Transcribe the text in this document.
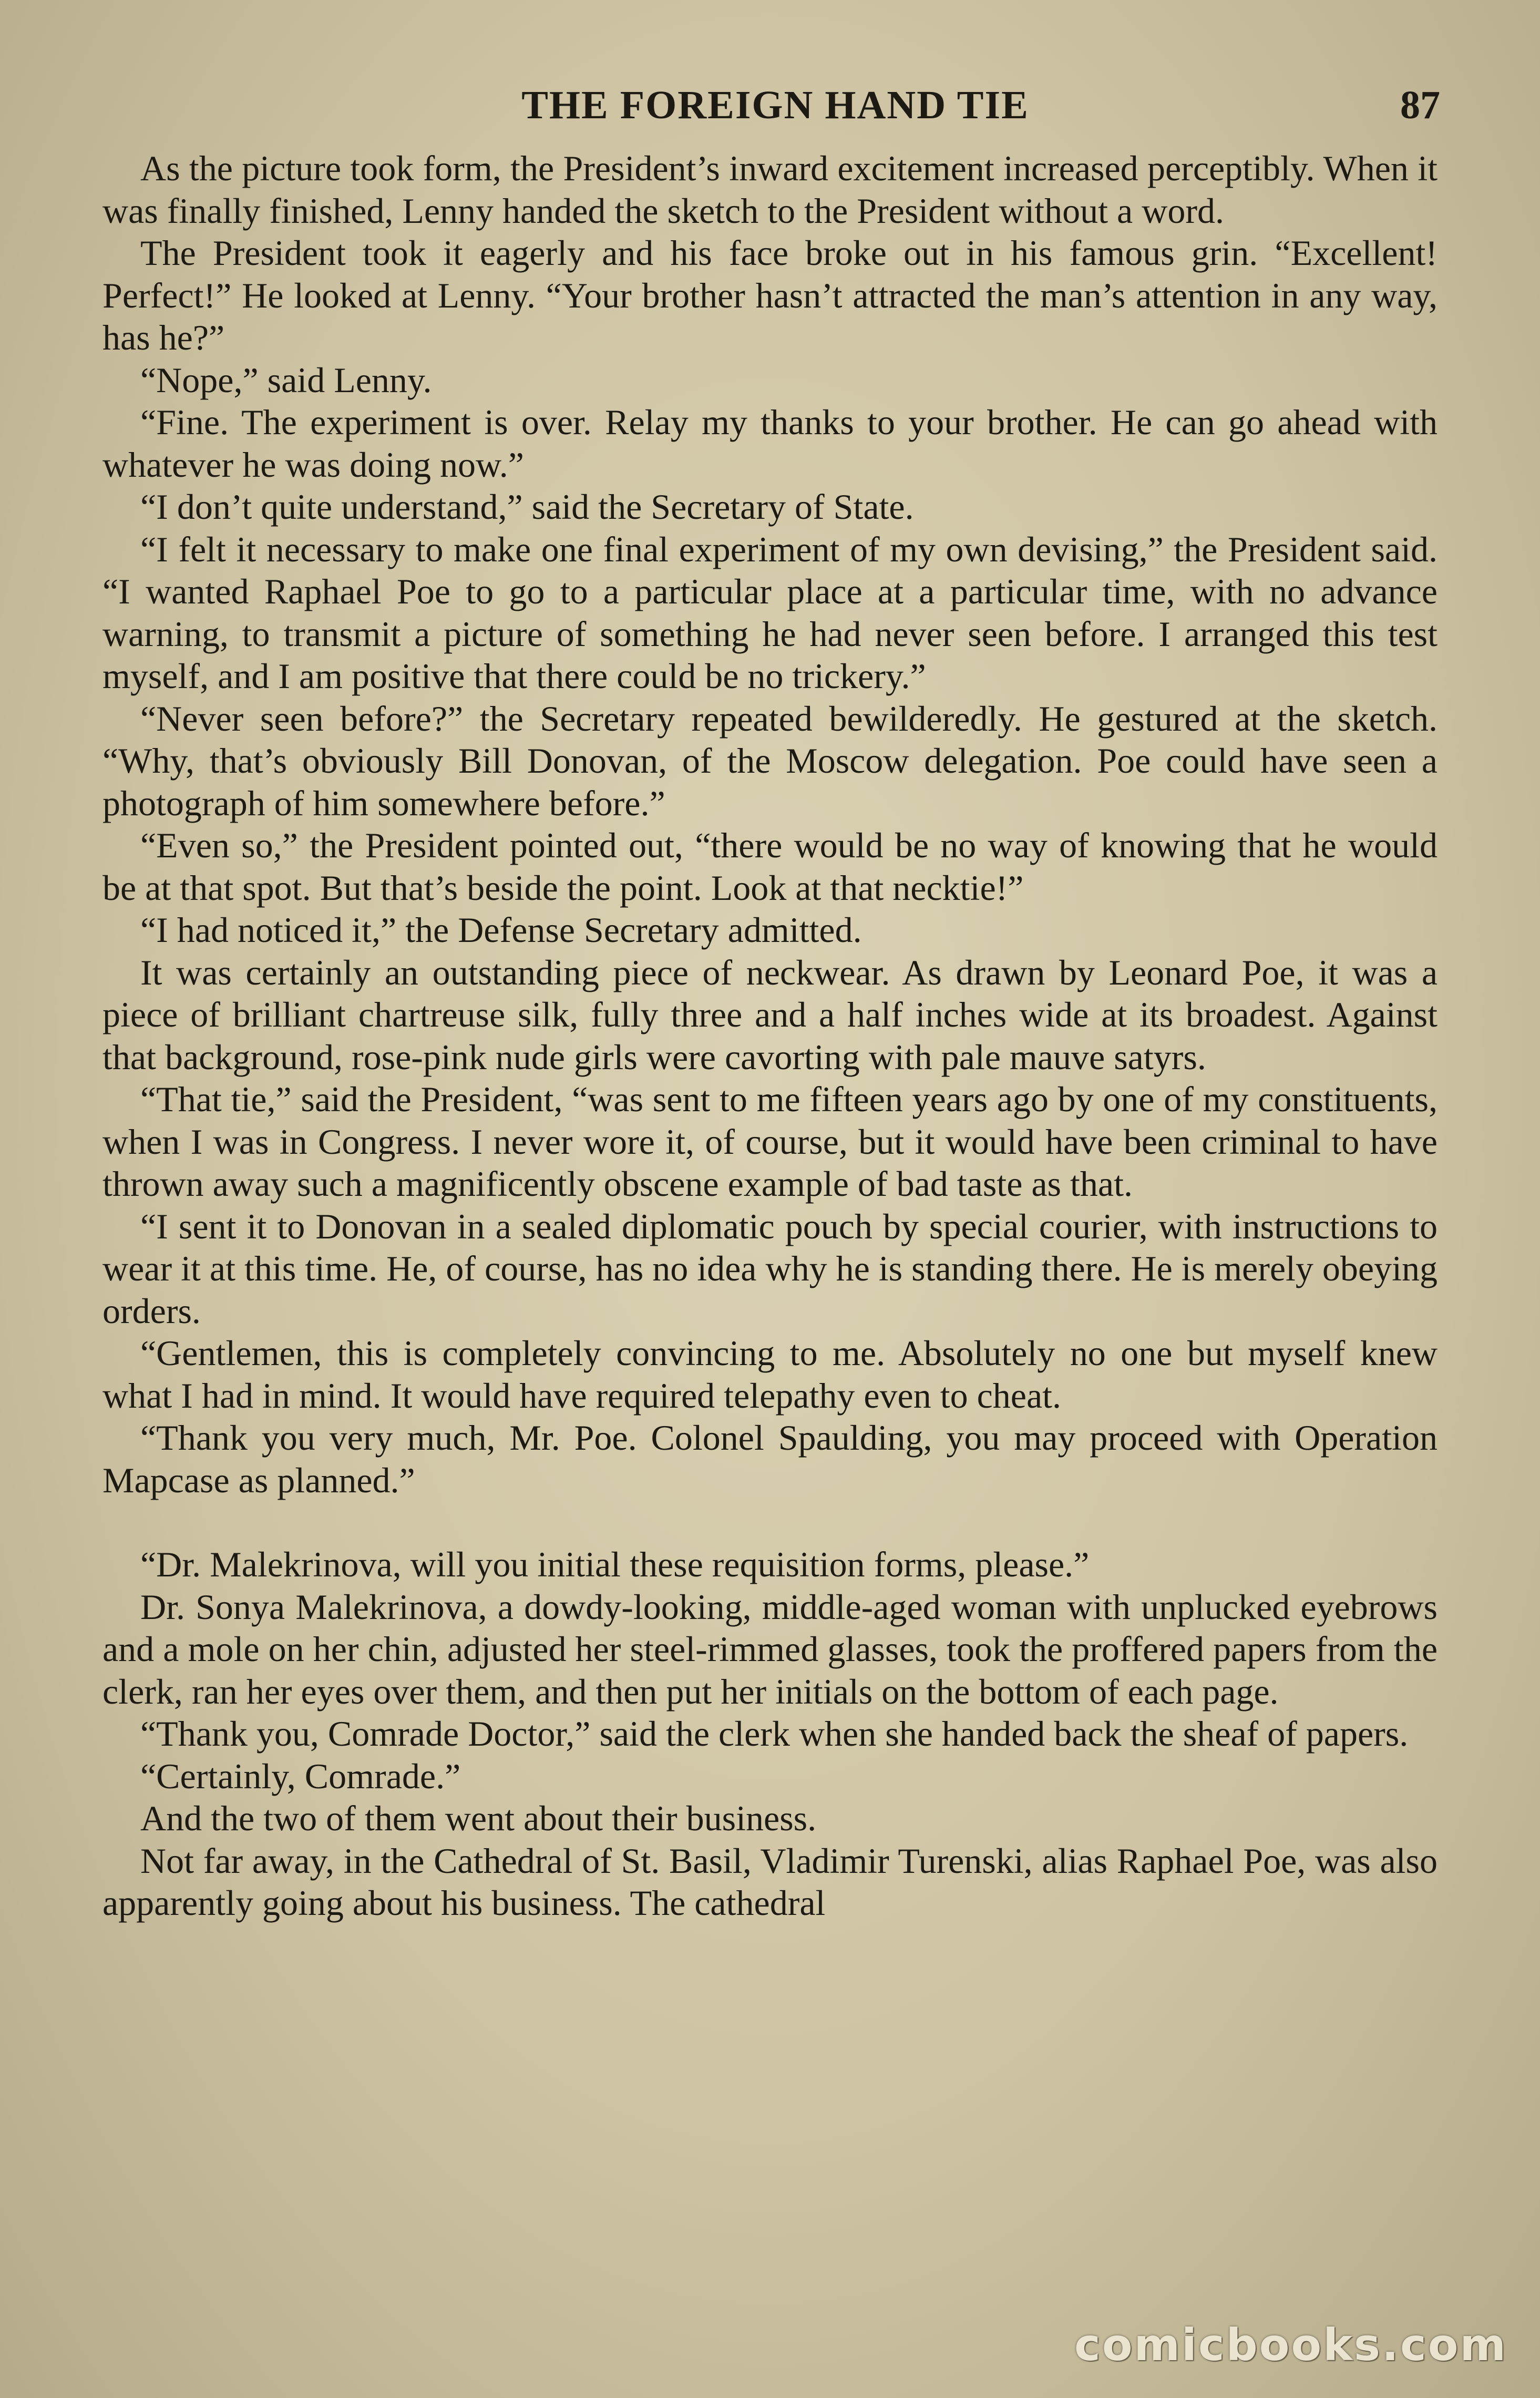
THE FOREIGN HAND TIE	87

As the picture took form, the President’s inward excitement increased perceptibly. When it was finally finished, Lenny handed the sketch to the President without a word.

The President took it eagerly and his face broke out in his famous grin. “Excellent! Perfect!” He looked at Lenny. “Your brother hasn’t attracted the man’s attention in any way, has he?”

“Nope,” said Lenny.

“Fine. The experiment is over. Relay my thanks to your brother. He can go ahead with whatever he was doing now.”

“I don’t quite understand,” said the Secretary of State.

“I felt it necessary to make one final experiment of my own devising,” the President said. “I wanted Raphael Poe to go to a particular place at a particular time, with no advance warning, to transmit a picture of something he had never seen before. I arranged this test myself, and I am positive that there could be no trickery.”

“Never seen before?” the Secretary repeated bewilderedly. He gestured at the sketch. “Why, that’s obviously Bill Donovan, of the Moscow delegation. Poe could have seen a photograph of him somewhere before.”

“Even so,” the President pointed out, “there would be no way of knowing that he would be at that spot. But that’s beside the point. Look at that necktie!”

“I had noticed it,” the Defense Secretary admitted.

It was certainly an outstanding piece of neckwear. As drawn by Leonard Poe, it was a piece of brilliant chartreuse silk, fully three and a half inches wide at its broadest. Against that background, rose-pink nude girls were cavorting with pale mauve satyrs.

“That tie,” said the President, “was sent to me fifteen years ago by one of my constituents, when I was in Congress. I never wore it, of course, but it would have been criminal to have thrown away such a magnificently obscene example of bad taste as that.

“I sent it to Donovan in a sealed diplomatic pouch by special courier, with instructions to wear it at this time. He, of course, has no idea why he is standing there. He is merely obeying orders.

“Gentlemen, this is completely convincing to me. Absolutely no one but myself knew what I had in mind. It would have required telepathy even to cheat.

“Thank you very much, Mr. Poe. Colonel Spaulding, you may proceed with Operation Mapcase as planned.”

“Dr. Malekrinova, will you initial these requisition forms, please.”

Dr. Sonya Malekrinova, a dowdy-looking, middle-aged woman with unplucked eyebrows and a mole on her chin, adjusted her steel-rimmed glasses, took the proffered papers from the clerk, ran her eyes over them, and then put her initials on the bottom of each page.

“Thank you, Comrade Doctor,” said the clerk when she handed back the sheaf of papers.

“Certainly, Comrade.”

And the two of them went about their business.

Not far away, in the Cathedral of St. Basil, Vladimir Turenski, alias Raphael Poe, was also apparently going about his business. The cathedral

comicbooks.com
